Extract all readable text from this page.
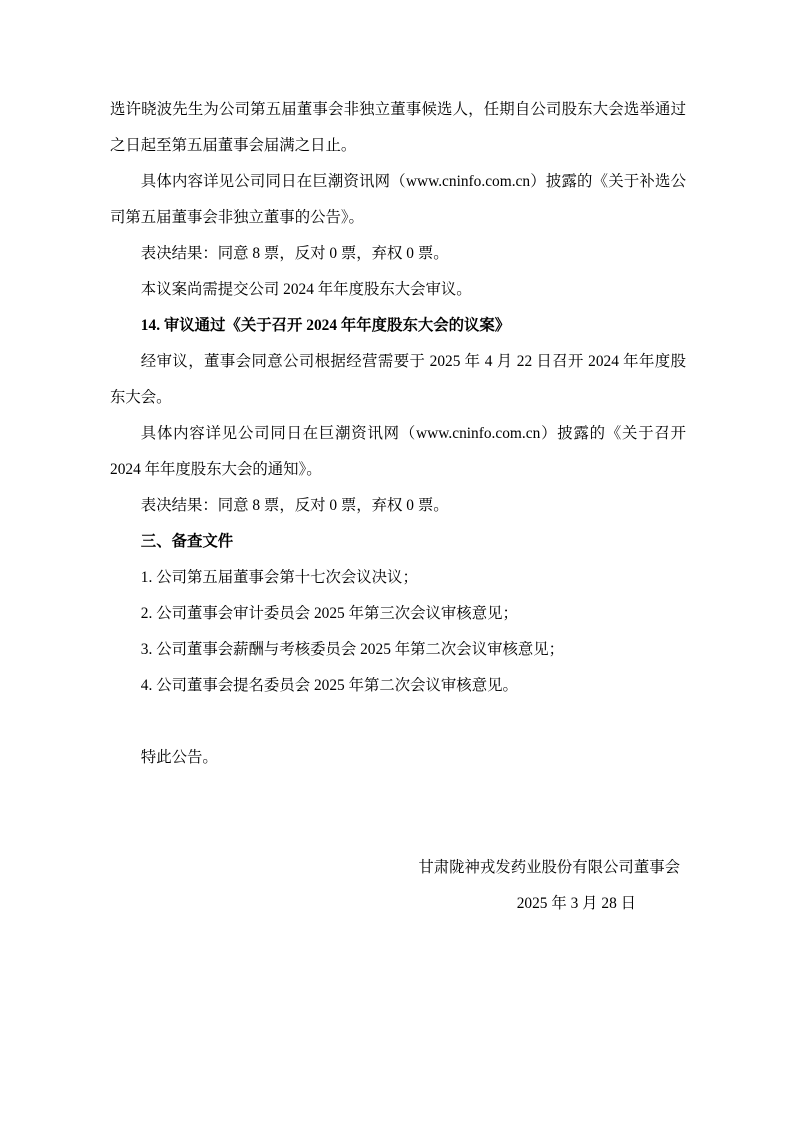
选许晓波先生为公司第五届董事会非独立董事候选人，任期自公司股东大会选举通过之日起至第五届董事会届满之日止。

具体内容详见公司同日在巨潮资讯网（www.cninfo.com.cn）披露的《关于补选公司第五届董事会非独立董事的公告》。

表决结果：同意 8 票，反对 0 票，弃权 0 票。

本议案尚需提交公司 2024 年年度股东大会审议。

14. 审议通过《关于召开 2024 年年度股东大会的议案》

经审议，董事会同意公司根据经营需要于 2025 年 4 月 22 日召开 2024 年年度股东大会。

具体内容详见公司同日在巨潮资讯网（www.cninfo.com.cn）披露的《关于召开 2024 年年度股东大会的通知》。

表决结果：同意 8 票，反对 0 票，弃权 0 票。

三、备查文件

1. 公司第五届董事会第十七次会议决议；

2. 公司董事会审计委员会 2025 年第三次会议审核意见；

3. 公司董事会薪酬与考核委员会 2025 年第二次会议审核意见；

4. 公司董事会提名委员会 2025 年第二次会议审核意见。

特此公告。

甘肃陇神戎发药业股份有限公司董事会

2025 年 3 月 28 日
